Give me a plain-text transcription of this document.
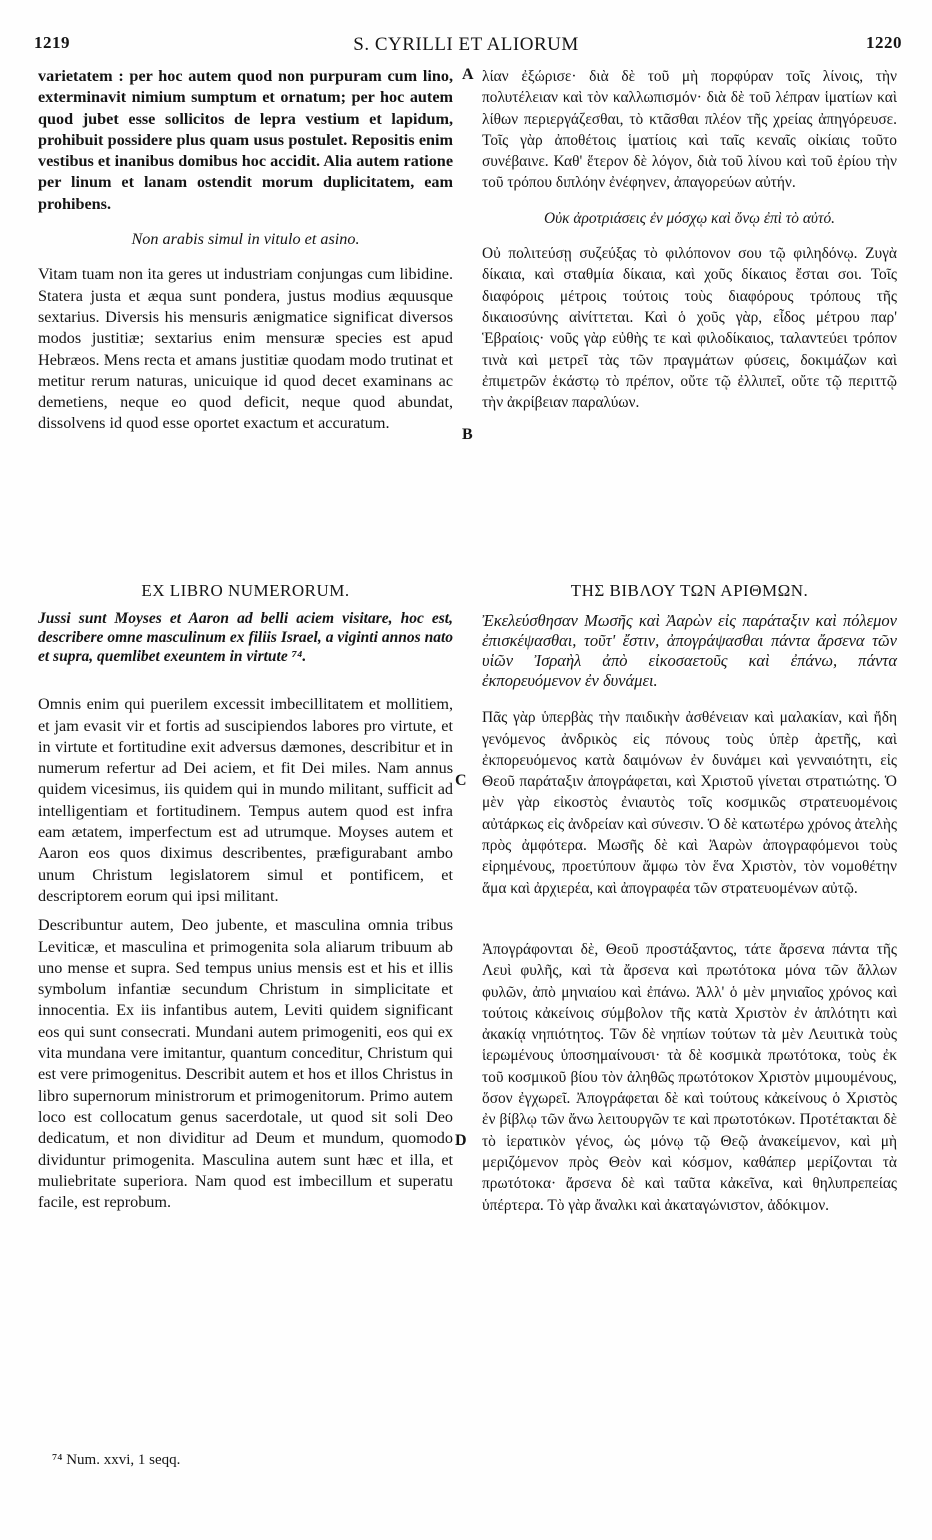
1219	S. CYRILLI ET ALIORUM	1220

varietatem : per hoc autem quod non purpuram cum lino, exterminavit nimium sumptum et ornatum; per hoc autem quod jubet esse sollicitos de lepra vestium et lapidum, prohibuit possidere plus quam usus postulet. Repositis enim vestibus et inanibus domibus hoc accidit. Alia autem ratione per linum et lanam ostendit morum duplicitatem, eam prohibens.

Non arabis simul in vitulo et asino.

Vitam tuam non ita geres ut industriam conjungas cum libidine. Statera justa et æqua sunt pondera, justus modius æquusque sextarius. Diversis his mensuris ænigmatice significat diversos modos justitiæ; sextarius enim mensuræ species est apud Hebræos. Mens recta et amans justitiæ quodam modo trutinat et metitur rerum naturas, unicuique id quod decet examinans ac demetiens, neque eo quod deficit, neque quod abundat, dissolvens id quod esse oportet exactum et accuratum.

λίαν ἐξώρισε· διὰ δὲ τοῦ μὴ πορφύραν τοῖς λίνοις, τὴν πολυτέλειαν καὶ τὸν καλλωπισμόν· διὰ δὲ τοῦ λέπραν ἱματίων καὶ λίθων περιεργάζεσθαι, τὸ κτᾶσθαι πλέον τῆς χρείας ἀπηγόρευσε. Τοῖς γὰρ ἀποθέτοις ἱματίοις καὶ ταῖς κεναῖς οἰκίαις τοῦτο συνέβαινε. Καθ' ἕτερον δὲ λόγον, διὰ τοῦ λίνου καὶ τοῦ ἐρίου τὴν τοῦ τρόπου διπλόην ἐνέφηνεν, ἀπαγορεύων αὐτήν.

Οὐκ ἀροτριάσεις ἐν μόσχῳ καὶ ὄνῳ ἐπὶ τὸ αὐτό.

Οὐ πολιτεύσῃ συζεύξας τὸ φιλόπονον σου τῷ φιληδόνῳ. Ζυγὰ δίκαια, καὶ σταθμία δίκαια, καὶ χοῦς δίκαιος ἔσται σοι. Τοῖς διαφόροις μέτροις τούτοις τοὺς διαφόρους τρόπους τῆς δικαιοσύνης αἰνίττεται. Καὶ ὁ χοῦς γὰρ, εἶδος μέτρου παρ' Ἑβραίοις· νοῦς γὰρ εὐθὴς τε καὶ φιλοδίκαιος, ταλαντεύει τρόπον τινὰ καὶ μετρεῖ τὰς τῶν πραγμάτων φύσεις, δοκιμάζων καὶ ἐπιμετρῶν ἑκάστῳ τὸ πρέπον, οὔτε τῷ ἐλλιπεῖ, οὔτε τῷ περιττῷ τὴν ἀκρίβειαν παραλύων.

A
B
C
D
EX LIBRO NUMERORUM.

Jussi sunt Moyses et Aaron ad belli aciem visitare, hoc est, describere omne masculinum ex filiis Israel, a viginti annos nato et supra, quemlibet exeuntem in virtute ⁷⁴.

Omnis enim qui puerilem excessit imbecillitatem et mollitiem, et jam evasit vir et fortis ad suscipiendos labores pro virtute, et in virtute et fortitudine exit adversus dæmones, describitur et in numerum refertur ad Dei aciem, et fit Dei miles. Nam annus quidem vicesimus, iis quidem qui in mundo militant, sufficit ad intelligentiam et fortitudinem. Tempus autem quod est infra eam ætatem, imperfectum est ad utrumque. Moyses autem et Aaron eos quos diximus describentes, præfigurabant ambo unum Christum legislatorem simul et pontificem, et descriptorem eorum qui ipsi militant.

Describuntur autem, Deo jubente, et masculina omnia tribus Leviticæ, et masculina et primogenita sola aliarum tribuum ab uno mense et supra. Sed tempus unius mensis est et his et illis symbolum infantiæ secundum Christum in simplicitate et innocentia. Ex iis infantibus autem, Leviti quidem significant eos qui sunt consecrati. Mundani autem primogeniti, eos qui ex vita mundana vere imitantur, quantum conceditur, Christum qui est vere primogenitus. Describit autem et hos et illos Christus in libro supernorum ministrorum et primogenitorum. Primo autem loco est collocatum genus sacerdotale, ut quod sit soli Deo dedicatum, et non dividitur ad Deum et mundum, quomodo dividuntur primogenita. Masculina autem sunt hæc et illa, et muliebritate superiora. Nam quod est imbecillum et superatu facile, est reprobum.

ΤΗΣ ΒΙΒΛΟΥ ΤΩΝ ΑΡΙΘΜΩΝ.

Ἐκελεύσθησαν Μωσῆς καὶ Ἀαρὼν εἰς παράταξιν καὶ πόλεμον ἐπισκέψασθαι, τοῦτ' ἔστιν, ἀπογράψασθαι πάντα ἄρσενα τῶν υἱῶν Ἰσραὴλ ἀπὸ εἰκοσαετοῦς καὶ ἐπάνω, πάντα ἐκπορευόμενον ἐν δυνάμει.

Πᾶς γὰρ ὑπερβὰς τὴν παιδικὴν ἀσθένειαν καὶ μαλακίαν, καὶ ἤδη γενόμενος ἀνδρικὸς εἰς πόνους τοὺς ὑπὲρ ἀρετῆς, καὶ ἐκπορευόμενος κατὰ δαιμόνων ἐν δυνάμει καὶ γενναιότητι, εἰς Θεοῦ παράταξιν ἀπογράφεται, καὶ Χριστοῦ γίνεται στρατιώτης. Ὁ μὲν γὰρ εἰκοστὸς ἐνιαυτὸς τοῖς κοσμικῶς στρατευομένοις αὐτάρκως εἰς ἀνδρείαν καὶ σύνεσιν. Ὁ δὲ κατωτέρω χρόνος ἀτελὴς πρὸς ἀμφότερα. Μωσῆς δὲ καὶ Ἀαρὼν ἀπογραφόμενοι τοὺς εἰρημένους, προετύπουν ἄμφω τὸν ἕνα Χριστὸν, τὸν νομοθέτην ἅμα καὶ ἀρχιερέα, καὶ ἀπογραφέα τῶν στρατευομένων αὐτῷ.

Ἀπογράφονται δὲ, Θεοῦ προστάξαντος, τάτε ἄρσενα πάντα τῆς Λευὶ φυλῆς, καὶ τὰ ἄρσενα καὶ πρωτότοκα μόνα τῶν ἄλλων φυλῶν, ἀπὸ μηνιαίου καὶ ἐπάνω. Ἀλλ' ὁ μὲν μηνιαῖος χρόνος καὶ τούτοις κἀκείνοις σύμβολον τῆς κατὰ Χριστὸν ἐν ἁπλότητι καὶ ἀκακίᾳ νηπιότητος. Τῶν δὲ νηπίων τούτων τὰ μὲν Λευιτικὰ τοὺς ἱερωμένους ὑποσημαίνουσι· τὰ δὲ κοσμικὰ πρωτότοκα, τοὺς ἐκ τοῦ κοσμικοῦ βίου τὸν ἀληθῶς πρωτότοκον Χριστὸν μιμουμένους, ὅσον ἐγχωρεῖ. Ἀπογράφεται δὲ καὶ τούτους κἀκείνους ὁ Χριστὸς ἐν βίβλῳ τῶν ἄνω λειτουργῶν τε καὶ πρωτοτόκων. Προτέτακται δὲ τὸ ἱερατικὸν γένος, ὡς μόνῳ τῷ Θεῷ ἀνακείμενον, καὶ μὴ μεριζόμενον πρὸς Θεὸν καὶ κόσμον, καθάπερ μερίζονται τὰ πρωτότοκα· ἄρσενα δὲ καὶ ταῦτα κἀκεῖνα, καὶ θηλυπρεπείας ὑπέρτερα. Τὸ γὰρ ἄναλκι καὶ ἀκαταγώνιστον, ἀδόκιμον.

⁷⁴ Num. xxvi, 1 seqq.
